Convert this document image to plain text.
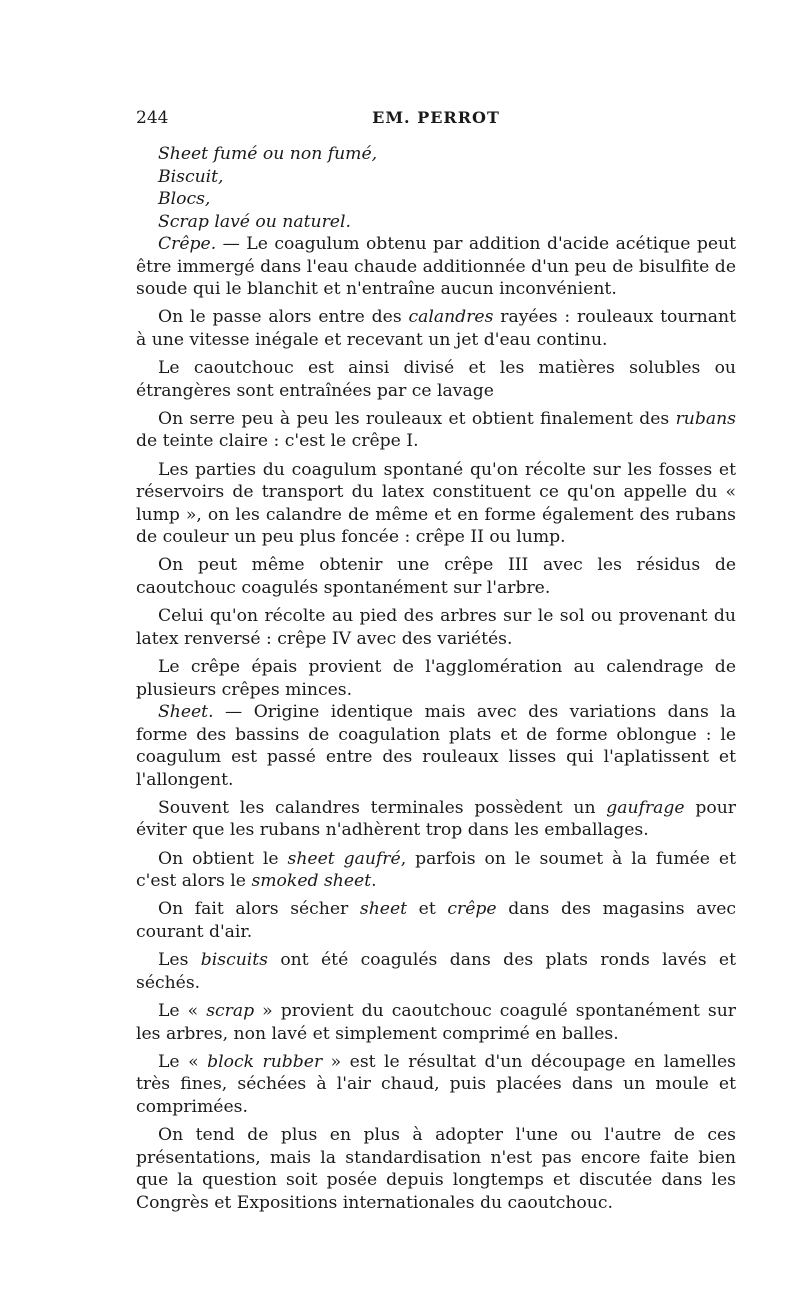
244	EM. PERROT
Sheet fumé ou non fumé,
Biscuit,
Blocs,
Scrap lavé ou naturel.

Crêpe. — Le coagulum obtenu par addition d'acide acétique peut être immergé dans l'eau chaude additionnée d'un peu de bisulfite de soude qui le blanchit et n'entraîne aucun inconvénient.

On le passe alors entre des calandres rayées : rouleaux tournant à une vitesse inégale et recevant un jet d'eau continu.

Le caoutchouc est ainsi divisé et les matières solubles ou étrangères sont entraînées par ce lavage

On serre peu à peu les rouleaux et obtient finalement des rubans de teinte claire : c'est le crêpe I.

Les parties du coagulum spontané qu'on récolte sur les fosses et réservoirs de transport du latex constituent ce qu'on appelle du « lump », on les calandre de même et en forme également des rubans de couleur un peu plus foncée : crêpe II ou lump.

On peut même obtenir une crêpe III avec les résidus de caoutchouc coagulés spontanément sur l'arbre.

Celui qu'on récolte au pied des arbres sur le sol ou provenant du latex renversé : crêpe IV avec des variétés.

Le crêpe épais provient de l'agglomération au calendrage de plusieurs crêpes minces.

Sheet. — Origine identique mais avec des variations dans la forme des bassins de coagulation plats et de forme oblongue : le coagulum est passé entre des rouleaux lisses qui l'aplatissent et l'allongent.

Souvent les calandres terminales possèdent un gaufrage pour éviter que les rubans n'adhèrent trop dans les emballages.

On obtient le sheet gaufré, parfois on le soumet à la fumée et c'est alors le smoked sheet.

On fait alors sécher sheet et crêpe dans des magasins avec courant d'air.

Les biscuits ont été coagulés dans des plats ronds lavés et séchés.

Le « scrap » provient du caoutchouc coagulé spontanément sur les arbres, non lavé et simplement comprimé en balles.

Le « block rubber » est le résultat d'un découpage en lamelles très fines, séchées à l'air chaud, puis placées dans un moule et comprimées.

On tend de plus en plus à adopter l'une ou l'autre de ces présentations, mais la standardisation n'est pas encore faite bien que la question soit posée depuis longtemps et discutée dans les Congrès et Expositions internationales du caoutchouc.
